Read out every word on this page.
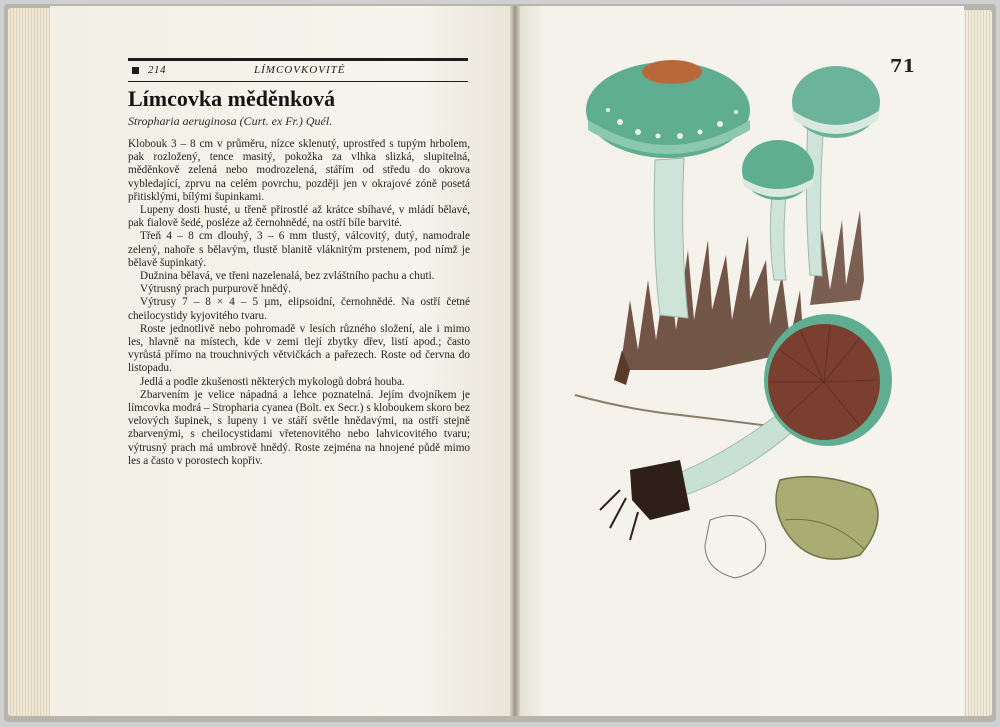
214	LÍMCOVKOVITÉ
Límcovka měděnková

Stropharia aeruginosa (Curt. ex Fr.) Quél.

Klobouk 3 – 8 cm v průměru, nízce sklenutý, uprostřed s tupým hrbolem, pak rozložený, tence masitý, pokožka za vlhka slizká, slupitelná, měděnkově zelená nebo modrozelená, stářím od středu do okrova vybledající, zprvu na celém povrchu, později jen v okrajové zóně posetá přitisklými, bílými šupinkami.

Lupeny dosti husté, u třeně přirostlé až krátce sbíhavé, v mládí bělavé, pak fialově šedé, posléze až černohnědé, na ostří bíle barvité.

Třeň 4 – 8 cm dlouhý, 3 – 6 mm tlustý, válcovitý, dutý, namodrale zelený, nahoře s bělavým, tlustě blanitě vláknitým prstenem, pod nímž je bělavě šupinkatý.

Dužnina bělavá, ve třeni nazelenalá, bez zvláštního pachu a chuti.

Výtrusný prach purpurově hnědý.

Výtrusy 7 – 8 × 4 – 5 µm, elipsoidní, černohnědé. Na ostří četné cheilocystidy kyjovitého tvaru.

Roste jednotlivě nebo pohromadě v lesích různého složení, ale i mimo les, hlavně na místech, kde v zemi tlejí zbytky dřev, listí apod.; často vyrůstá přímo na trouchnivých větvičkách a pařezech. Roste od června do listopadu.

Jedlá a podle zkušenosti některých mykologů dobrá houba.

Zbarvením je velice nápadná a lehce poznatelná. Jejím dvojníkem je límcovka modrá – Stropharia cyanea (Bolt. ex Secr.) s kloboukem skoro bez velových šupinek, s lupeny i ve stáří světle hnědavými, na ostří stejně zbarvenými, s cheilocystidami vřetenovitého nebo lahvicovitého tvaru; výtrusný prach má umbrově hnědý. Roste zejména na hnojené půdě mimo les a často v porostech kopřiv.

71
